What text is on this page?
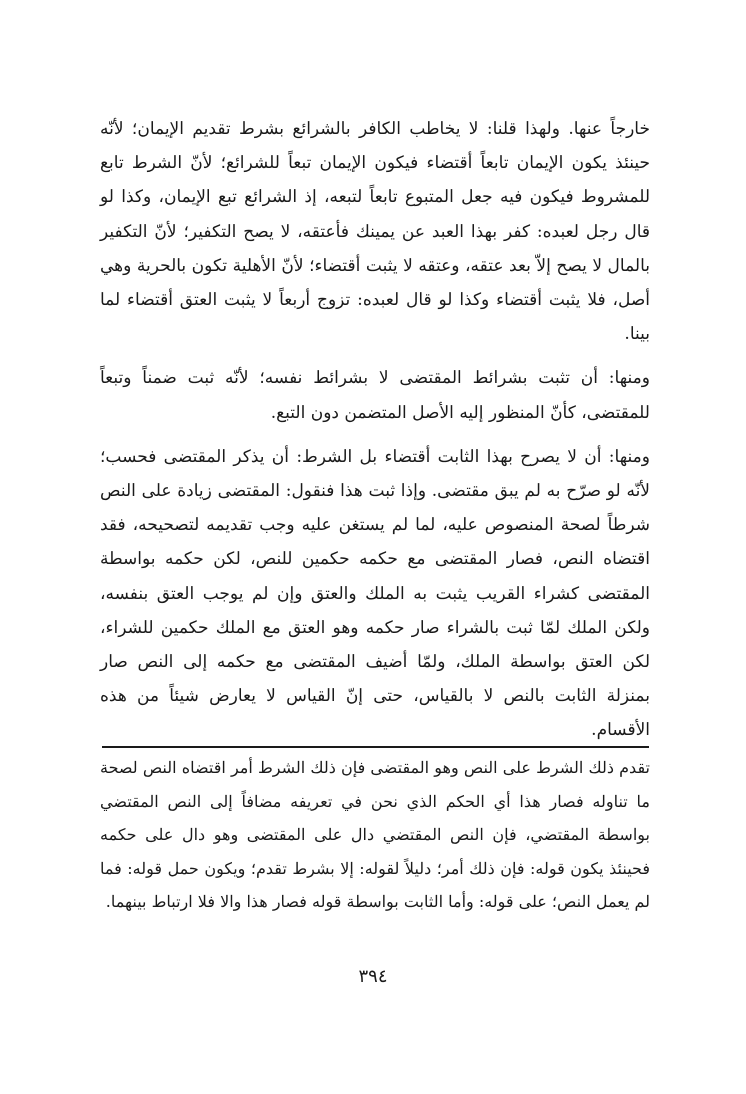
خارجاً عنها. ولهذا قلنا: لا يخاطب الكافر بالشرائع بشرط تقديم الإيمان؛ لأنّه حينئذ يكون الإيمان تابعاً أقتضاء فيكون الإيمان تبعاً للشرائع؛ لأنّ الشرط تابع للمشروط فيكون فيه جعل المتبوع تابعاً لتبعه، إذ الشرائع تبع الإيمان، وكذا لو قال رجل لعبده: كفر بهذا العبد عن يمينك فأعتقه، لا يصح التكفير؛ لأنّ التكفير بالمال لا يصح إلاّ بعد عتقه، وعتقه لا يثبت أقتضاء؛ لأنّ الأهلية تكون بالحرية وهي أصل، فلا يثبت أقتضاء وكذا لو قال لعبده: تزوج أربعاً لا يثبت العتق أقتضاء لما بينا.

ومنها: أن تثبت بشرائط المقتضى لا بشرائط نفسه؛ لأنّه ثبت ضمناً وتبعاً للمقتضى، كأنّ المنظور إليه الأصل المتضمن دون التبع.

ومنها: أن لا يصرح بهذا الثابت أقتضاء بل الشرط: أن يذكر المقتضى فحسب؛ لأنّه لو صرّح به لم يبق مقتضى. وإذا ثبت هذا فنقول: المقتضى زيادة على النص شرطاً لصحة المنصوص عليه، لما لم يستغن عليه وجب تقديمه لتصحيحه، فقد اقتضاه النص، فصار المقتضى مع حكمه حكمين للنص، لكن حكمه بواسطة المقتضى كشراء القريب يثبت به الملك والعتق وإن لم يوجب العتق بنفسه، ولكن الملك لمّا ثبت بالشراء صار حكمه وهو العتق مع الملك حكمين للشراء، لكن العتق بواسطة الملك، ولمّا أضيف المقتضى مع حكمه إلى النص صار بمنزلة الثابت بالنص لا بالقياس، حتى إنّ القياس لا يعارض شيئاً من هذه الأقسام.

تقدم ذلك الشرط على النص وهو المقتضى فإن ذلك الشرط أمر اقتضاه النص لصحة ما تناوله فصار هذا أي الحكم الذي نحن في تعريفه مضافاً إلى النص المقتضي بواسطة المقتضي، فإن النص المقتضي دال على المقتضى وهو دال على حكمه فحينئذ يكون قوله: فإن ذلك أمر؛ دليلاً لقوله: إلا بشرط تقدم؛ ويكون حمل قوله: فما لم يعمل النص؛ على قوله: وأما الثابت بواسطة قوله فصار هذا والا فلا ارتباط بينهما.

٣٩٤
